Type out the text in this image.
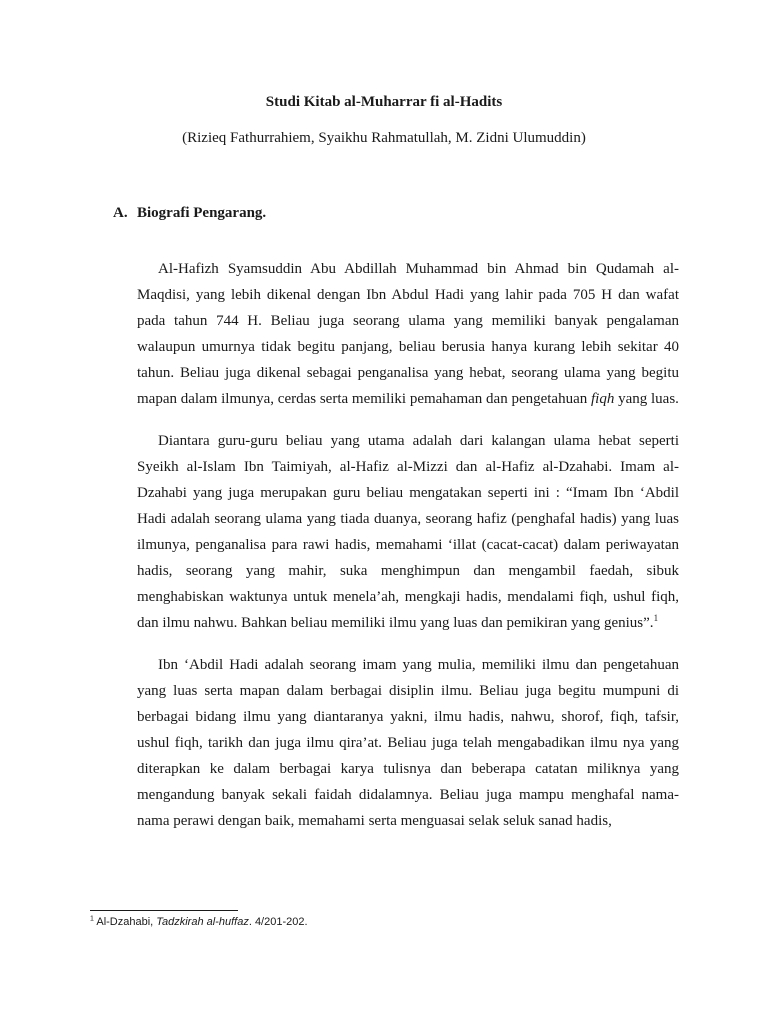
Studi Kitab al-Muharrar fi al-Hadits
(Rizieq Fathurrahiem, Syaikhu Rahmatullah, M. Zidni Ulumuddin)
A. Biografi Pengarang.

Al-Hafizh Syamsuddin Abu Abdillah Muhammad bin Ahmad bin Qudamah al-Maqdisi, yang lebih dikenal dengan Ibn Abdul Hadi yang lahir pada 705 H dan wafat pada tahun 744 H. Beliau juga seorang ulama yang memiliki banyak pengalaman walaupun umurnya tidak begitu panjang, beliau berusia hanya kurang lebih sekitar 40 tahun. Beliau juga dikenal sebagai penganalisa yang hebat, seorang ulama yang begitu mapan dalam ilmunya, cerdas serta memiliki pemahaman dan pengetahuan fiqh yang luas.

Diantara guru-guru beliau yang utama adalah dari kalangan ulama hebat seperti Syeikh al-Islam Ibn Taimiyah, al-Hafiz al-Mizzi dan al-Hafiz al-Dzahabi. Imam al-Dzahabi yang juga merupakan guru beliau mengatakan seperti ini : “Imam Ibn ‘Abdil Hadi adalah seorang ulama yang tiada duanya, seorang hafiz (penghafal hadis) yang luas ilmunya, penganalisa para rawi hadis, memahami ‘illat (cacat-cacat) dalam periwayatan hadis, seorang yang mahir, suka menghimpun dan mengambil faedah, sibuk menghabiskan waktunya untuk menela’ah, mengkaji hadis, mendalami fiqh, ushul fiqh, dan ilmu nahwu. Bahkan beliau memiliki ilmu yang luas dan pemikiran yang genius”.$^1$

Ibn ‘Abdil Hadi adalah seorang imam yang mulia, memiliki ilmu dan pengetahuan yang luas serta mapan dalam berbagai disiplin ilmu. Beliau juga begitu mumpuni di berbagai bidang ilmu yang diantaranya yakni, ilmu hadis, nahwu, shorof, fiqh, tafsir, ushul fiqh, tarikh dan juga ilmu qira’at. Beliau juga telah mengabadikan ilmu nya yang diterapkan ke dalam berbagai karya tulisnya dan beberapa catatan miliknya yang mengandung banyak sekali faidah didalamnya. Beliau juga mampu menghafal nama-nama perawi dengan baik, memahami serta menguasai selak seluk sanad hadis,

$^1$ Al-Dzahabi, Tadzkirah al-huffaz. 4/201-202.
